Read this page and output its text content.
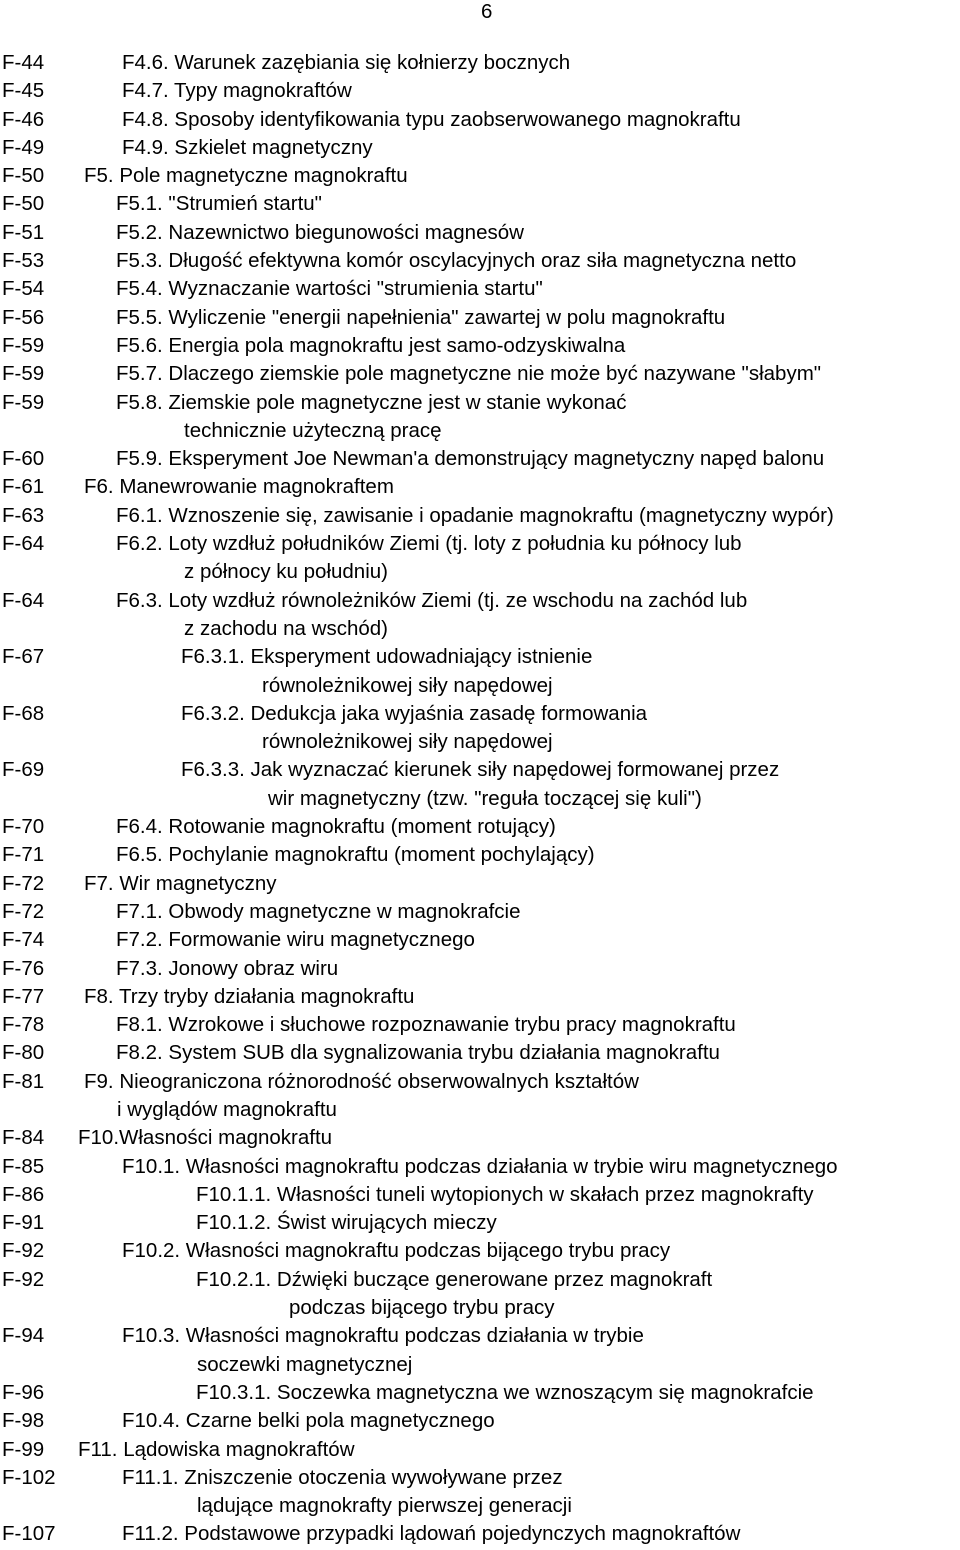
6
F-44	F4.6. Warunek zazębiania się kołnierzy bocznych
F-45	F4.7. Typy magnokraftów
F-46	F4.8. Sposoby identyfikowania typu zaobserwowanego magnokraftu
F-49	F4.9. Szkielet magnetyczny
F-50 F5. Pole magnetyczne magnokraftu
F-50	F5.1. "Strumień startu"
F-51	F5.2. Nazewnictwo biegunowości magnesów
F-53	F5.3. Długość efektywna komór oscylacyjnych oraz siła magnetyczna netto
F-54	F5.4. Wyznaczanie wartości "strumienia startu"
F-56	F5.5. Wyliczenie "energii napełnienia" zawartej w polu magnokraftu
F-59	F5.6. Energia pola magnokraftu jest samo-odzyskiwalna
F-59	F5.7. Dlaczego ziemskie pole magnetyczne nie może być nazywane "słabym"
F-59	F5.8. Ziemskie pole magnetyczne jest w stanie wykonać
technicznie użyteczną pracę
F-60	F5.9. Eksperyment Joe Newman'a demonstrujący magnetyczny napęd balonu
F-61 F6. Manewrowanie magnokraftem
F-63	F6.1. Wznoszenie się, zawisanie i opadanie magnokraftu (magnetyczny wypór)
F-64	F6.2. Loty wzdłuż południków Ziemi (tj. loty z południa ku północy lub
z północy ku południu)
F-64	F6.3. Loty wzdłuż równoleżników Ziemi (tj. ze wschodu na zachód lub
z zachodu na wschód)
F-67	F6.3.1. Eksperyment udowadniający istnienie
równoleżnikowej siły napędowej
F-68	F6.3.2. Dedukcja jaka wyjaśnia zasadę formowania
równoleżnikowej siły napędowej
F-69	F6.3.3. Jak wyznaczać kierunek siły napędowej formowanej przez
wir magnetyczny (tzw. "reguła toczącej się kuli")
F-70	F6.4. Rotowanie magnokraftu (moment rotujący)
F-71	F6.5. Pochylanie magnokraftu (moment pochylający)
F-72 F7. Wir magnetyczny
F-72	F7.1. Obwody magnetyczne w magnokrafcie
F-74	F7.2. Formowanie wiru magnetycznego
F-76	F7.3. Jonowy obraz wiru
F-77 F8. Trzy tryby działania magnokraftu
F-78	F8.1. Wzrokowe i słuchowe rozpoznawanie trybu pracy magnokraftu
F-80	F8.2. System SUB dla sygnalizowania trybu działania magnokraftu
F-81 F9. Nieograniczona różnorodność obserwowalnych kształtów
i wyglądów magnokraftu
F-84 F10.Własności magnokraftu
F-85	F10.1. Własności magnokraftu podczas działania w trybie wiru magnetycznego
F-86	F10.1.1. Własności tuneli wytopionych w skałach przez magnokrafty
F-91	F10.1.2. Świst wirujących mieczy
F-92	F10.2. Własności magnokraftu podczas bijącego trybu pracy
F-92	F10.2.1. Dźwięki buczące generowane przez magnokraft
podczas bijącego trybu pracy
F-94	F10.3. Własności magnokraftu podczas działania w trybie
soczewki magnetycznej
F-96	F10.3.1. Soczewka magnetyczna we wznoszącym się magnokrafcie
F-98	F10.4. Czarne belki pola magnetycznego
F-99 F11. Lądowiska magnokraftów
F-102	F11.1. Zniszczenie otoczenia wywoływane przez
lądujące magnokrafty pierwszej generacji
F-107	F11.2. Podstawowe przypadki lądowań pojedynczych magnokraftów
